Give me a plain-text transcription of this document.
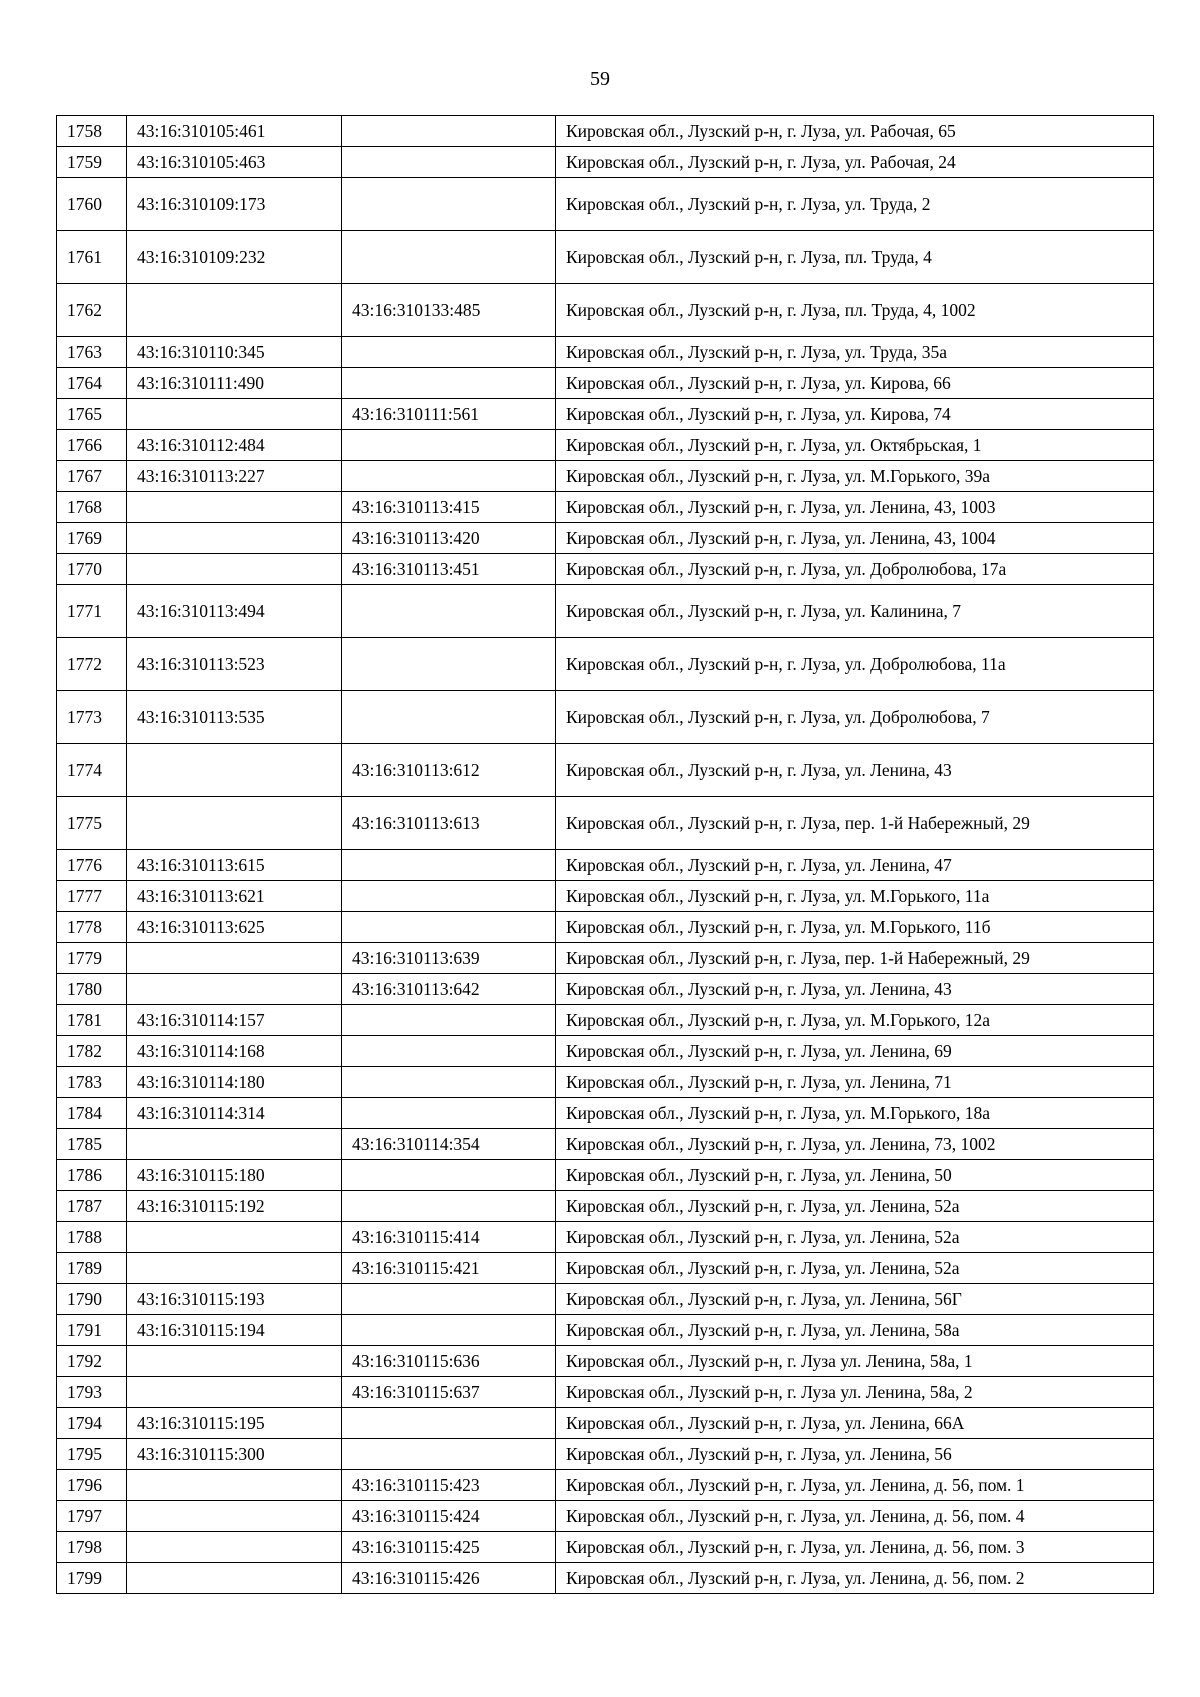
59
1758	43:16:310105:461		Кировская обл., Лузский р-н, г. Луза, ул. Рабочая, 65
1759	43:16:310105:463		Кировская обл., Лузский р-н, г. Луза, ул. Рабочая, 24
1760	43:16:310109:173		Кировская обл., Лузский р-н, г. Луза, ул. Труда, 2
1761	43:16:310109:232		Кировская обл., Лузский р-н, г. Луза, пл. Труда, 4
1762		43:16:310133:485	Кировская обл., Лузский р-н, г. Луза, пл. Труда, 4, 1002
1763	43:16:310110:345		Кировская обл., Лузский р-н, г. Луза, ул. Труда, 35а
1764	43:16:310111:490		Кировская обл., Лузский р-н, г. Луза, ул. Кирова, 66
1765		43:16:310111:561	Кировская обл., Лузский р-н, г. Луза, ул. Кирова, 74
1766	43:16:310112:484		Кировская обл., Лузский р-н, г. Луза, ул. Октябрьская, 1
1767	43:16:310113:227		Кировская обл., Лузский р-н, г. Луза, ул. М.Горького, 39а
1768		43:16:310113:415	Кировская обл., Лузский р-н, г. Луза, ул. Ленина, 43, 1003
1769		43:16:310113:420	Кировская обл., Лузский р-н, г. Луза, ул. Ленина, 43, 1004
1770		43:16:310113:451	Кировская обл., Лузский р-н, г. Луза, ул. Добролюбова, 17а
1771	43:16:310113:494		Кировская обл., Лузский р-н, г. Луза, ул. Калинина, 7
1772	43:16:310113:523		Кировская обл., Лузский р-н, г. Луза, ул. Добролюбова, 11а
1773	43:16:310113:535		Кировская обл., Лузский р-н, г. Луза, ул. Добролюбова, 7
1774		43:16:310113:612	Кировская обл., Лузский р-н, г. Луза, ул. Ленина, 43
1775		43:16:310113:613	Кировская обл., Лузский р-н, г. Луза, пер. 1-й Набережный, 29
1776	43:16:310113:615		Кировская обл., Лузский р-н, г. Луза, ул. Ленина, 47
1777	43:16:310113:621		Кировская обл., Лузский р-н, г. Луза, ул. М.Горького, 11а
1778	43:16:310113:625		Кировская обл., Лузский р-н, г. Луза, ул. М.Горького, 11б
1779		43:16:310113:639	Кировская обл., Лузский р-н, г. Луза, пер. 1-й Набережный, 29
1780		43:16:310113:642	Кировская обл., Лузский р-н, г. Луза, ул. Ленина, 43
1781	43:16:310114:157		Кировская обл., Лузский р-н, г. Луза, ул. М.Горького, 12а
1782	43:16:310114:168		Кировская обл., Лузский р-н, г. Луза, ул. Ленина, 69
1783	43:16:310114:180		Кировская обл., Лузский р-н, г. Луза, ул. Ленина, 71
1784	43:16:310114:314		Кировская обл., Лузский р-н, г. Луза, ул. М.Горького, 18а
1785		43:16:310114:354	Кировская обл., Лузский р-н, г. Луза, ул. Ленина, 73, 1002
1786	43:16:310115:180		Кировская обл., Лузский р-н, г. Луза, ул. Ленина, 50
1787	43:16:310115:192		Кировская обл., Лузский р-н, г. Луза, ул. Ленина, 52а
1788		43:16:310115:414	Кировская обл., Лузский р-н, г. Луза, ул. Ленина, 52а
1789		43:16:310115:421	Кировская обл., Лузский р-н, г. Луза, ул. Ленина, 52а
1790	43:16:310115:193		Кировская обл., Лузский р-н, г. Луза, ул. Ленина, 56Г
1791	43:16:310115:194		Кировская обл., Лузский р-н, г. Луза, ул. Ленина, 58а
1792		43:16:310115:636	Кировская обл., Лузский р-н, г. Луза ул. Ленина, 58а, 1
1793		43:16:310115:637	Кировская обл., Лузский р-н, г. Луза ул. Ленина, 58а, 2
1794	43:16:310115:195		Кировская обл., Лузский р-н, г. Луза, ул. Ленина, 66А
1795	43:16:310115:300		Кировская обл., Лузский р-н, г. Луза, ул. Ленина, 56
1796		43:16:310115:423	Кировская обл., Лузский р-н, г. Луза, ул. Ленина, д. 56, пом. 1
1797		43:16:310115:424	Кировская обл., Лузский р-н, г. Луза, ул. Ленина, д. 56, пом. 4
1798		43:16:310115:425	Кировская обл., Лузский р-н, г. Луза, ул. Ленина, д. 56, пом. 3
1799		43:16:310115:426	Кировская обл., Лузский р-н, г. Луза, ул. Ленина, д. 56, пом. 2
